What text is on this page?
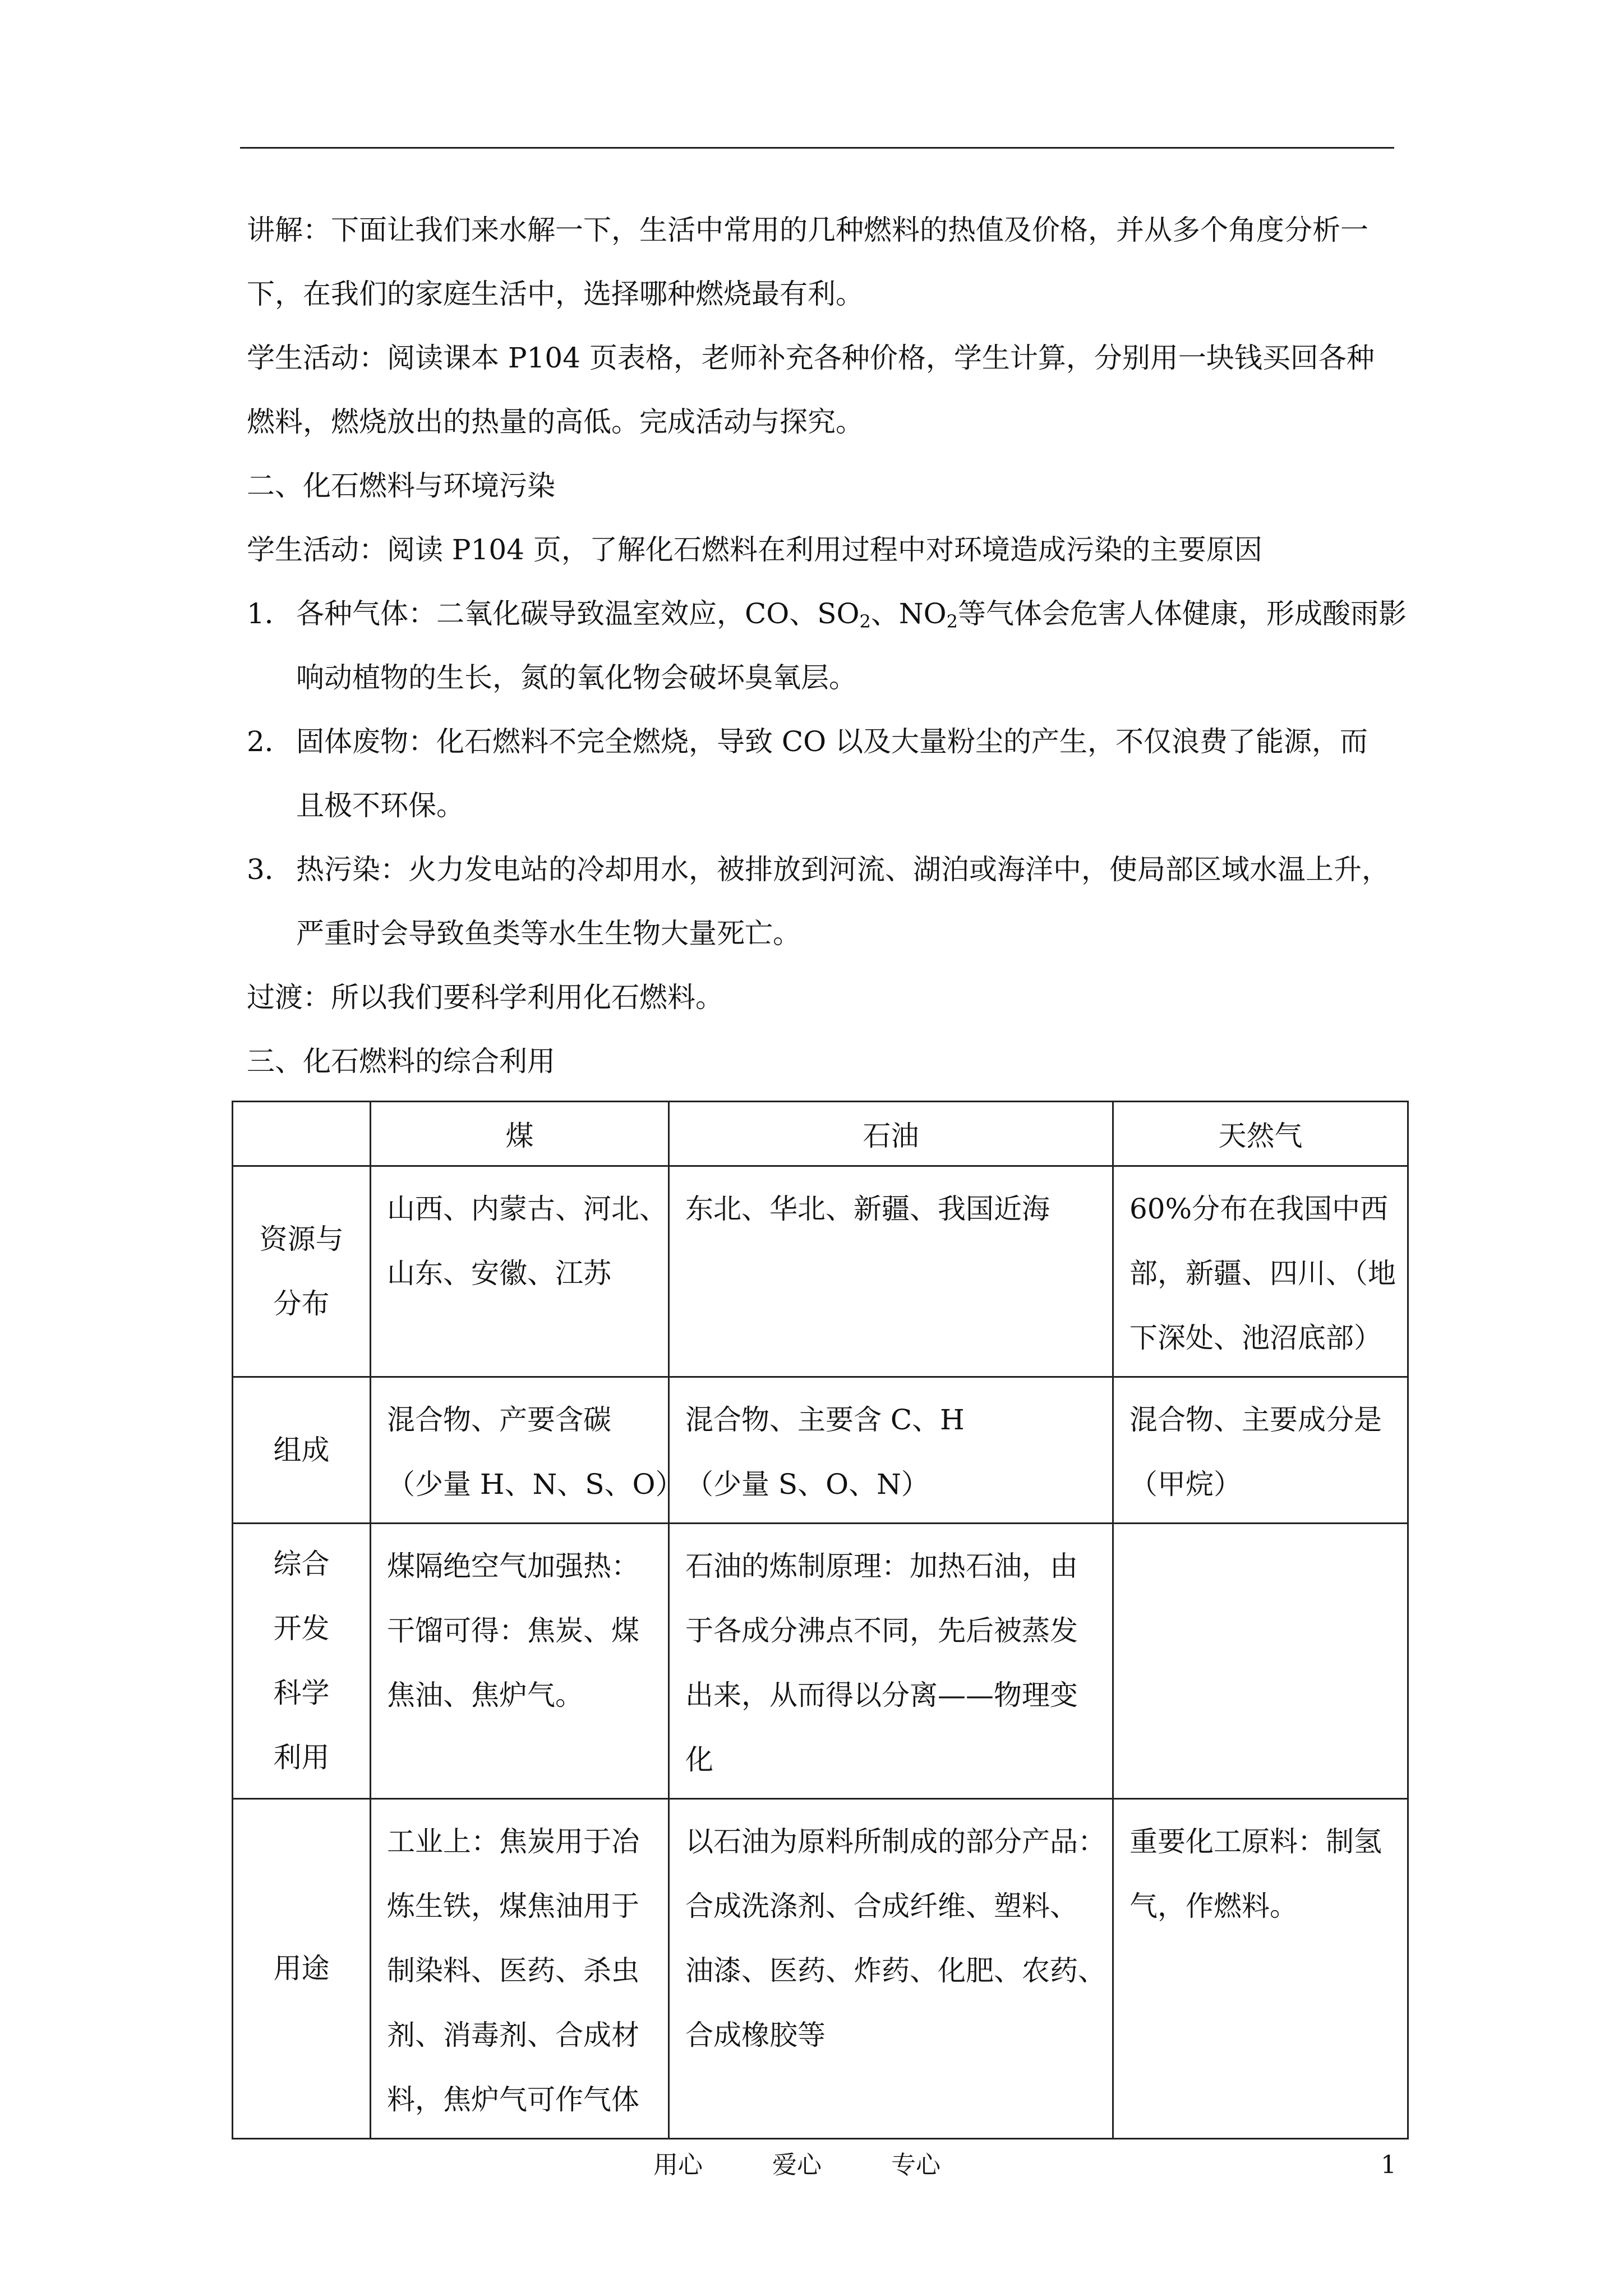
讲解：下面让我们来水解一下，生活中常用的几种燃料的热值及价格，并从多个角度分析一
下，在我们的家庭生活中，选择哪种燃烧最有利。
学生活动：阅读课本 P104 页表格，老师补充各种价格，学生计算，分别用一块钱买回各种
燃料，燃烧放出的热量的高低。完成活动与探究。
二、化石燃料与环境污染
学生活动：阅读 P104 页，了解化石燃料在利用过程中对环境造成污染的主要原因
1． 各种气体：二氧化碳导致温室效应，CO、$SO_2$、$NO_2$等气体会危害人体健康，形成酸雨影
响动植物的生长，氮的氧化物会破坏臭氧层。
2． 固体废物：化石燃料不完全燃烧，导致 CO 以及大量粉尘的产生，不仅浪费了能源，而
且极不环保。
3． 热污染：火力发电站的冷却用水，被排放到河流、湖泊或海洋中，使局部区域水温上升，
严重时会导致鱼类等水生生物大量死亡。
过渡：所以我们要科学利用化石燃料。
三、化石燃料的综合利用
	煤	石油	天然气

资源与
分布	山西、内蒙古、河北、
山东、安徽、江苏	东北、华北、新疆、我国近海	60%分布在我国中西
部，新疆、四川、（地
下深处、池沼底部）

组成	混合物、产要含碳
（少量 H、N、S、O）	混合物、主要含 C、H
（少量 S、O、N）	混合物、主要成分是
（甲烷）

综合
开发
科学
利用	煤隔绝空气加强热：
干馏可得：焦炭、煤
焦油、焦炉气。	石油的炼制原理：加热石油，由
于各成分沸点不同，先后被蒸发
出来，从而得以分离——物理变
化	

用途	工业上：焦炭用于冶
炼生铁，煤焦油用于
制染料、医药、杀虫
剂、消毒剂、合成材
料，焦炉气可作气体	以石油为原料所制成的部分产品：
合成洗涤剂、合成纤维、塑料、
油漆、医药、炸药、化肥、农药、
合成橡胶等	重要化工原料：制氢
气，作燃料。
用心 爱心 专心	1
